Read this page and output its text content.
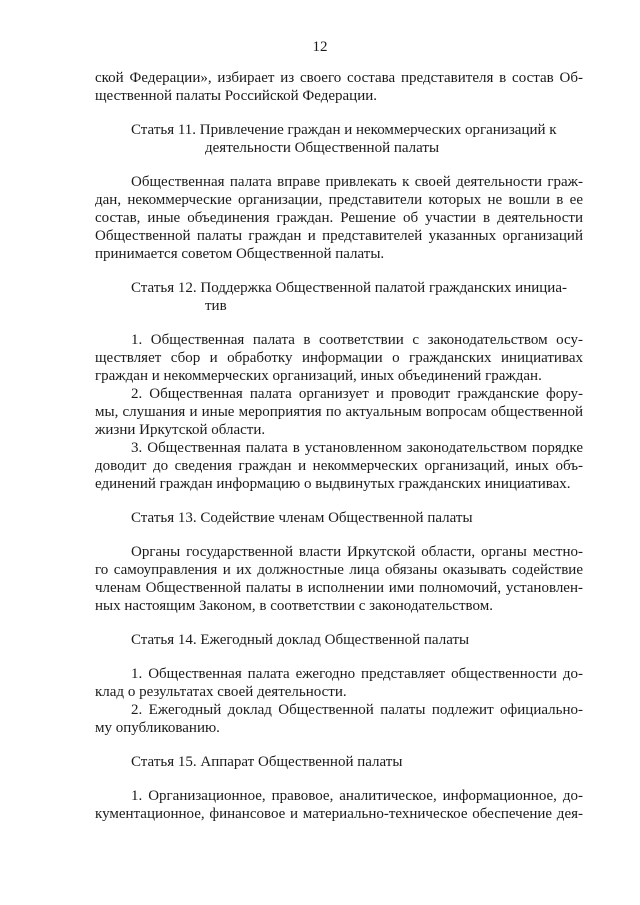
12
ской Федерации», избирает из своего состава представителя в состав Об-
щественной палаты Российской Федерации.
Статья 11. Привлечение граждан и некоммерческих организаций к
деятельности Общественной палаты
Общественная палата вправе привлекать к своей деятельности граж-
дан, некоммерческие организации, представители которых не вошли в ее
состав, иные объединения граждан. Решение об участии в деятельности
Общественной палаты граждан и представителей указанных организаций
принимается советом Общественной палаты.
Статья 12. Поддержка Общественной палатой гражданских инициа-
тив
1. Общественная палата в соответствии с законодательством осу-
ществляет сбор и обработку информации о гражданских инициативах
граждан и некоммерческих организаций, иных объединений граждан.
2. Общественная палата организует и проводит гражданские фору-
мы, слушания и иные мероприятия по актуальным вопросам общественной
жизни Иркутской области.
3. Общественная палата в установленном законодательством порядке
доводит до сведения граждан и некоммерческих организаций, иных объ-
единений граждан информацию о выдвинутых гражданских инициативах.
Статья 13. Содействие членам Общественной палаты
Органы государственной власти Иркутской области, органы местно-
го самоуправления и их должностные лица обязаны оказывать содействие
членам Общественной палаты в исполнении ими полномочий, установлен-
ных настоящим Законом, в соответствии с законодательством.
Статья 14. Ежегодный доклад Общественной палаты
1. Общественная палата ежегодно представляет общественности до-
клад о результатах своей деятельности.
2. Ежегодный доклад Общественной палаты подлежит официально-
му опубликованию.
Статья 15. Аппарат Общественной палаты
1. Организационное, правовое, аналитическое, информационное, до-
кументационное, финансовое и материально-техническое обеспечение дея-
